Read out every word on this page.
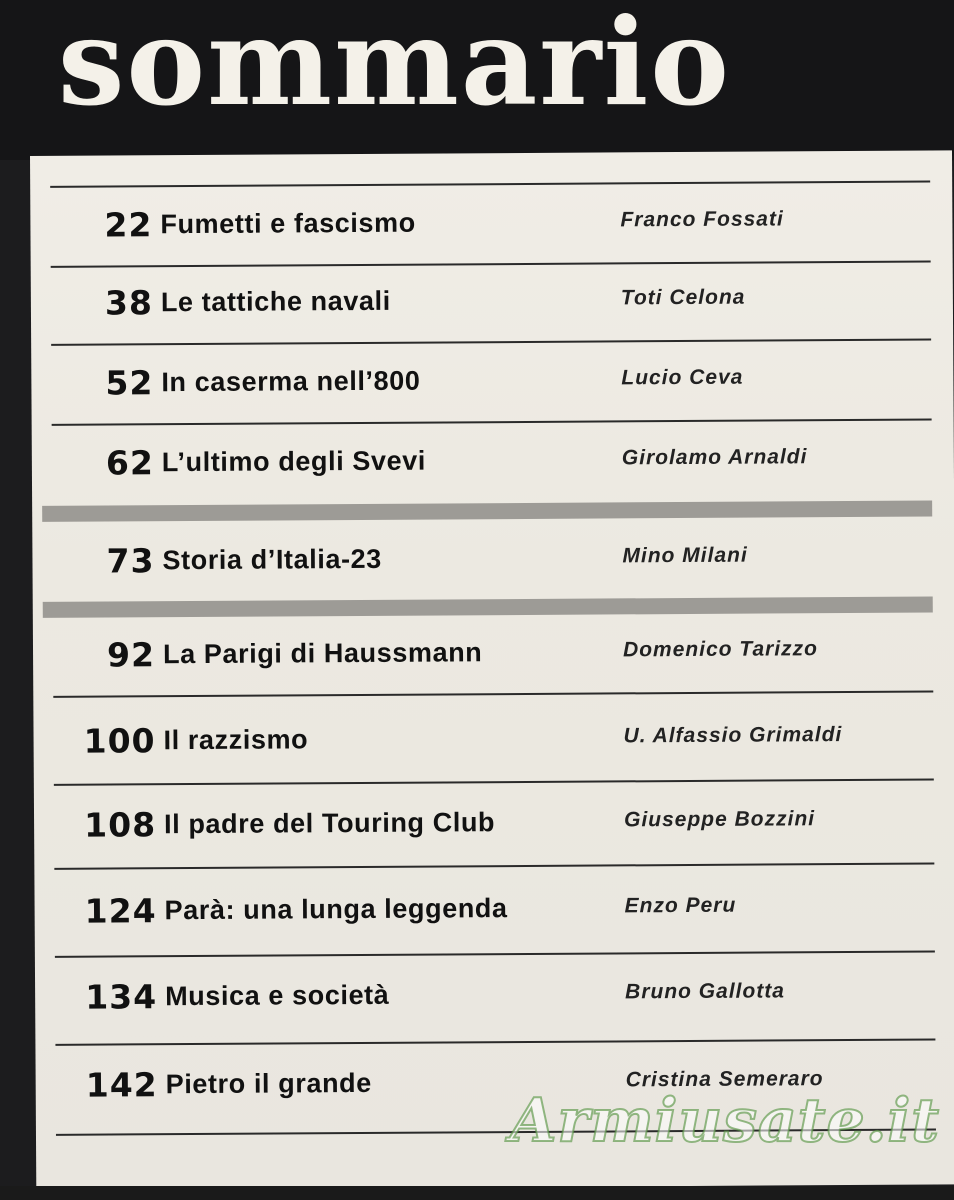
sommario
22 Fumetti e fascismo	Franco Fossati
38 Le tattiche navali	Toti Celona
52 In caserma nell’800	Lucio Ceva
62 L’ultimo degli Svevi	Girolamo Arnaldi
73 Storia d’Italia-23	Mino Milani
92 La Parigi di Haussmann	Domenico Tarizzo
100 Il razzismo	U. Alfassio Grimaldi
108 Il padre del Touring Club	Giuseppe Bozzini
124 Parà: una lunga leggenda	Enzo Peru
134 Musica e società	Bruno Gallotta
142 Pietro il grande	Cristina Semeraro
Armiusate.it
